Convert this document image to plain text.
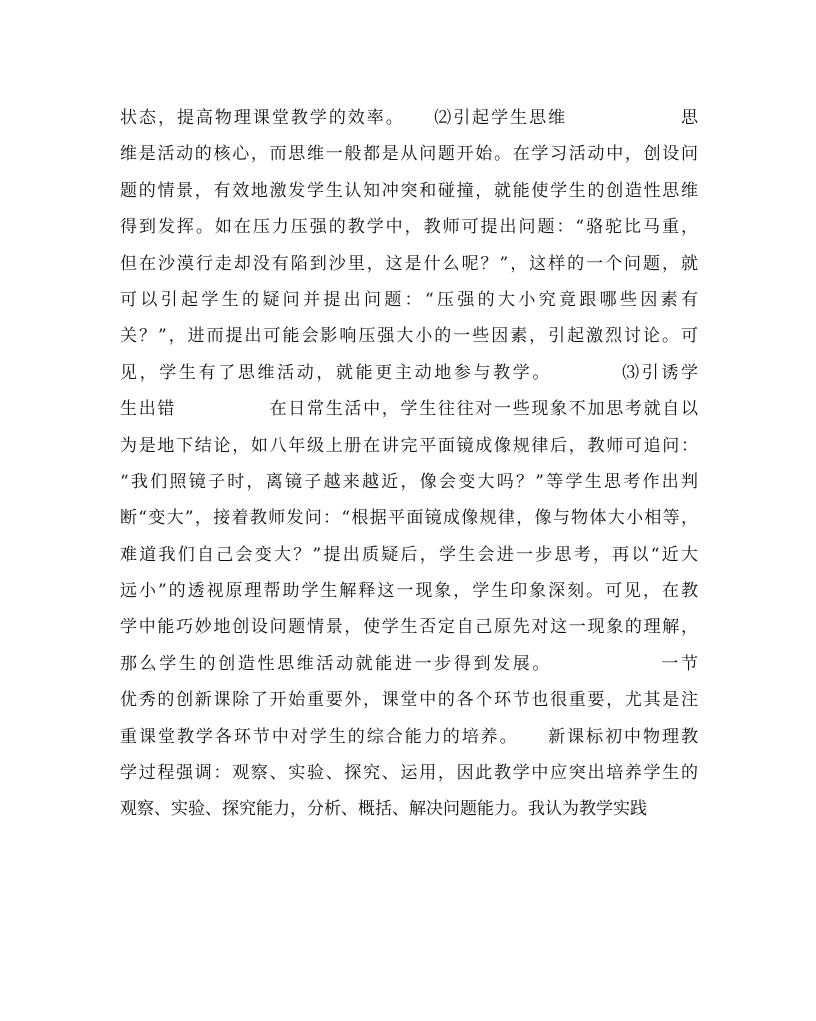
状态，提高物理课堂教学的效率。　　⑵引起学生思维　　　　　　思
维是活动的核心，而思维一般都是从问题开始。在学习活动中，创设问
题的情景，有效地激发学生认知冲突和碰撞，就能使学生的创造性思维
得到发挥。如在压力压强的教学中，教师可提出问题：“骆驼比马重，
但在沙漠行走却没有陷到沙里，这是什么呢？”，这样的一个问题，就
可以引起学生的疑问并提出问题：“压强的大小究竟跟哪些因素有
关？”，进而提出可能会影响压强大小的一些因素，引起激烈讨论。可
见，学生有了思维活动，就能更主动地参与教学。　　　　⑶引诱学
生出错　　　　　在日常生活中，学生往往对一些现象不加思考就自以
为是地下结论，如八年级上册在讲完平面镜成像规律后，教师可追问：
“我们照镜子时，离镜子越来越近，像会变大吗？”等学生思考作出判
断“变大”，接着教师发问：“根据平面镜成像规律，像与物体大小相等，
难道我们自己会变大？”提出质疑后，学生会进一步思考，再以“近大
远小”的透视原理帮助学生解释这一现象，学生印象深刻。可见，在教
学中能巧妙地创设问题情景，使学生否定自己原先对这一现象的理解，
那么学生的创造性思维活动就能进一步得到发展。　　　　　　一节
优秀的创新课除了开始重要外，课堂中的各个环节也很重要，尤其是注
重课堂教学各环节中对学生的综合能力的培养。　　新课标初中物理教
学过程强调：观察、实验、探究、运用，因此教学中应突出培养学生的
观察、实验、探究能力，分析、概括、解决问题能力。我认为教学实践
